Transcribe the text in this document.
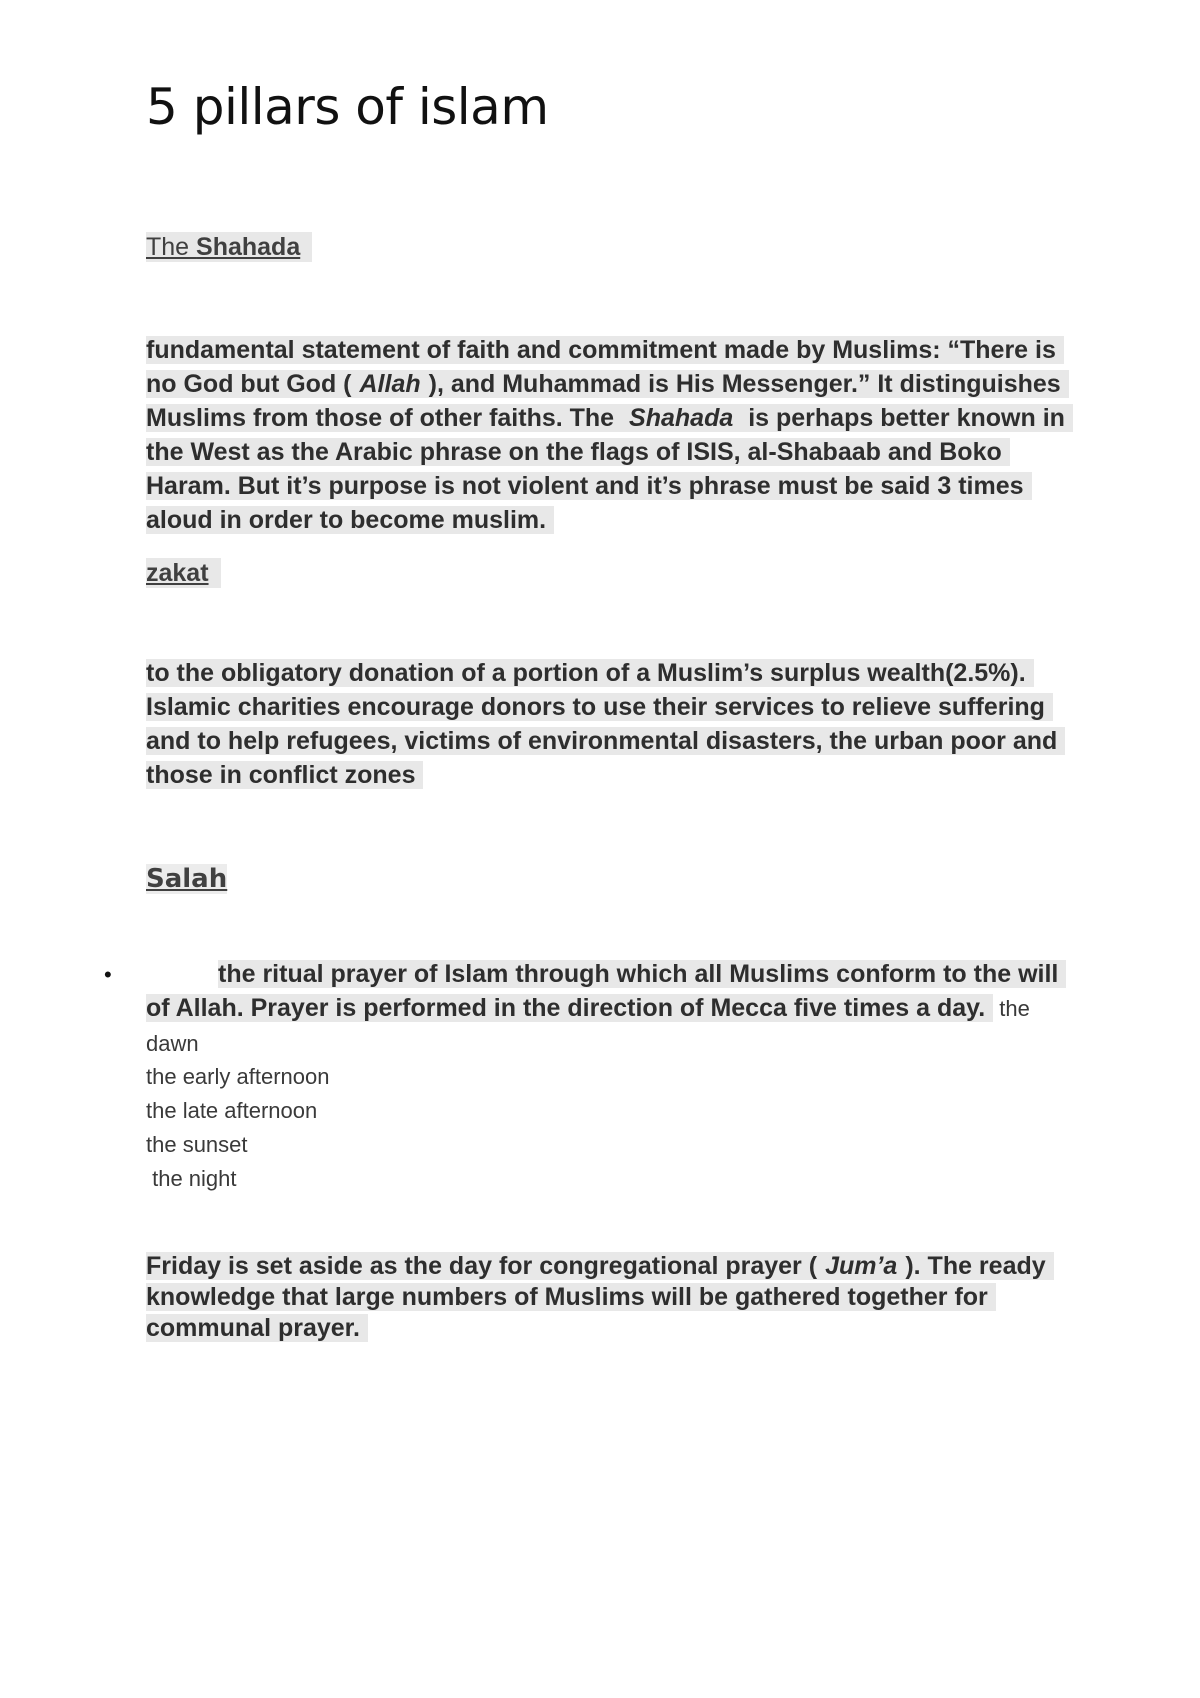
5 pillars of islam
The Shahada

fundamental statement of faith and commitment made by Muslims: “There is no God but God ( Allah ), and Muhammad is His Messenger.” It distinguishes Muslims from those of other faiths. The Shahada is perhaps better known in the West as the Arabic phrase on the flags of ISIS, al-Shabaab and Boko Haram. But it’s purpose is not violent and it’s phrase must be said 3 times aloud in order to become muslim.

zakat

to the obligatory donation of a portion of a Muslim’s surplus wealth(2.5%). Islamic charities encourage donors to use their services to relieve suffering and to help refugees, victims of environmental disasters, the urban poor and those in conflict zones

Salah
•	the ritual prayer of Islam through which all Muslims conform to the will of Allah. Prayer is performed in the direction of Mecca five times a day. the dawn

the early afternoon
the late afternoon
the sunset
the night

Friday is set aside as the day for congregational prayer ( Jum’a ). The ready knowledge that large numbers of Muslims will be gathered together for communal prayer.
